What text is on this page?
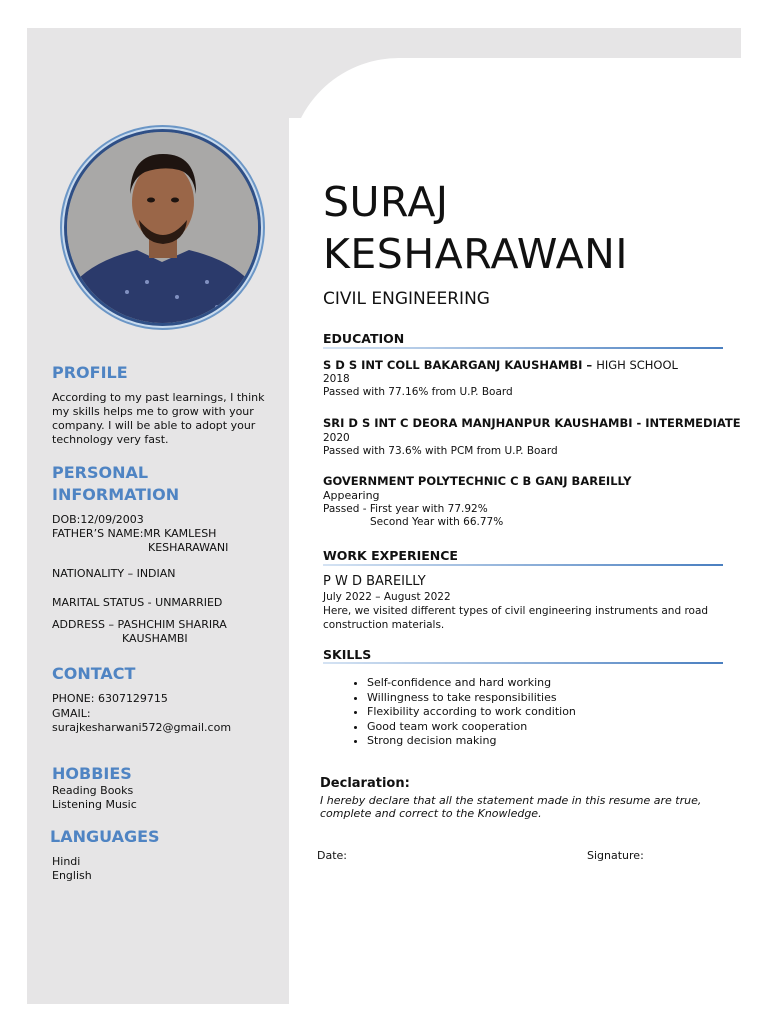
PROFILE
According to my past learnings, I think my skills helps me to grow with your company. I will be able to adopt your technology very fast.
PERSONAL
INFORMATION
DOB:12/09/2003
FATHER’S NAME:MR KAMLESH
KESHARAWANI
NATIONALITY – INDIAN
MARITAL STATUS - UNMARRIED
ADDRESS – PASHCHIM SHARIRA
KAUSHAMBI
CONTACT
PHONE: 6307129715
GMAIL:
surajkesharwani572@gmail.com
HOBBIES
Reading Books
Listening Music
LANGUAGES
Hindi
English
SURAJ
KESHARAWANI
CIVIL ENGINEERING
EDUCATION
S D S INT COLL BAKARGANJ KAUSHAMBI – HIGH SCHOOL
2018
Passed with 77.16% from U.P. Board
SRI D S INT C DEORA MANJHANPUR KAUSHAMBI - INTERMEDIATE
2020
Passed with 73.6% with PCM from U.P. Board
GOVERNMENT POLYTECHNIC C B GANJ BAREILLY
Appearing
Passed - First year with 77.92%
Second Year with 66.77%
WORK EXPERIENCE
P W D BAREILLY
July 2022 – August 2022
Here, we visited different types of civil engineering instruments and road
construction materials.
SKILLS
• Self-confidence and hard working
• Willingness to take responsibilities
• Flexibility according to work condition
• Good team work cooperation
• Strong decision making
Declaration:
I hereby declare that all the statement made in this resume are true,
complete and correct to the Knowledge.
Date:	Signature:
